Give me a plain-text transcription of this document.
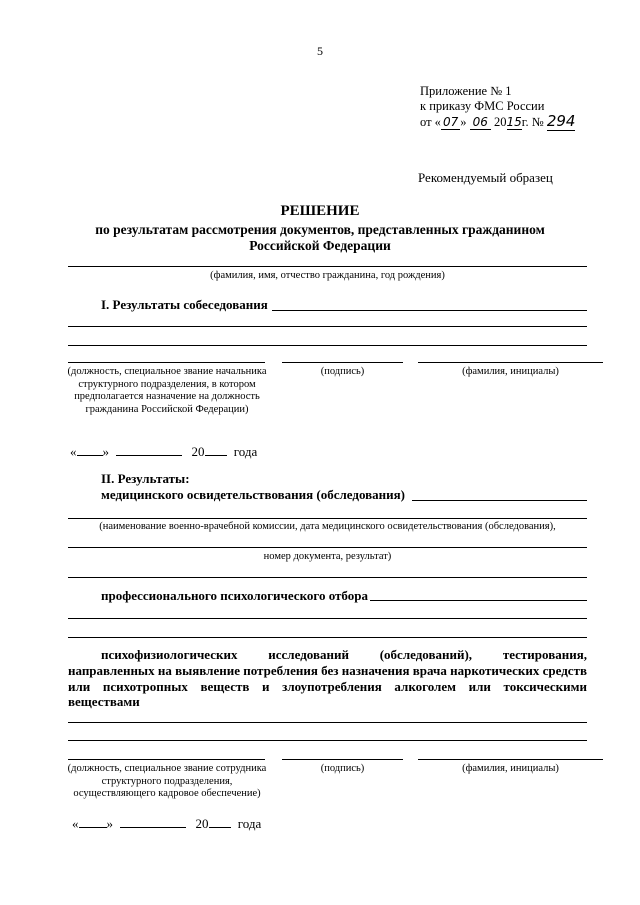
5
Приложение № 1
к приказу ФМС России
от « 07 » 06 2015г. № 294
Рекомендуемый образец
РЕШЕНИЕ
по результатам рассмотрения документов, представленных гражданином
Российской Федерации
(фамилия, имя, отчество гражданина, год рождения)
I. Результаты собеседования
(должность, специальное звание начальника структурного подразделения, в котором предполагается назначение на должность гражданина Российской Федерации)
(подпись)	(фамилия, инициалы)
« »	20 года
II. Результаты:
медицинского освидетельствования (обследования)
(наименование военно-врачебной комиссии, дата медицинского освидетельствования (обследования),
номер документа, результат)
профессионального психологического отбора
психофизиологических исследований (обследований), тестирования,
направленных на выявление потребления без назначения врача наркотических средств
или психотропных веществ и злоупотребления алкоголем или токсическими
веществами
(должность, специальное звание сотрудника структурного подразделения, осуществляющего кадровое обеспечение)
(подпись)	(фамилия, инициалы)
« »	20 года
